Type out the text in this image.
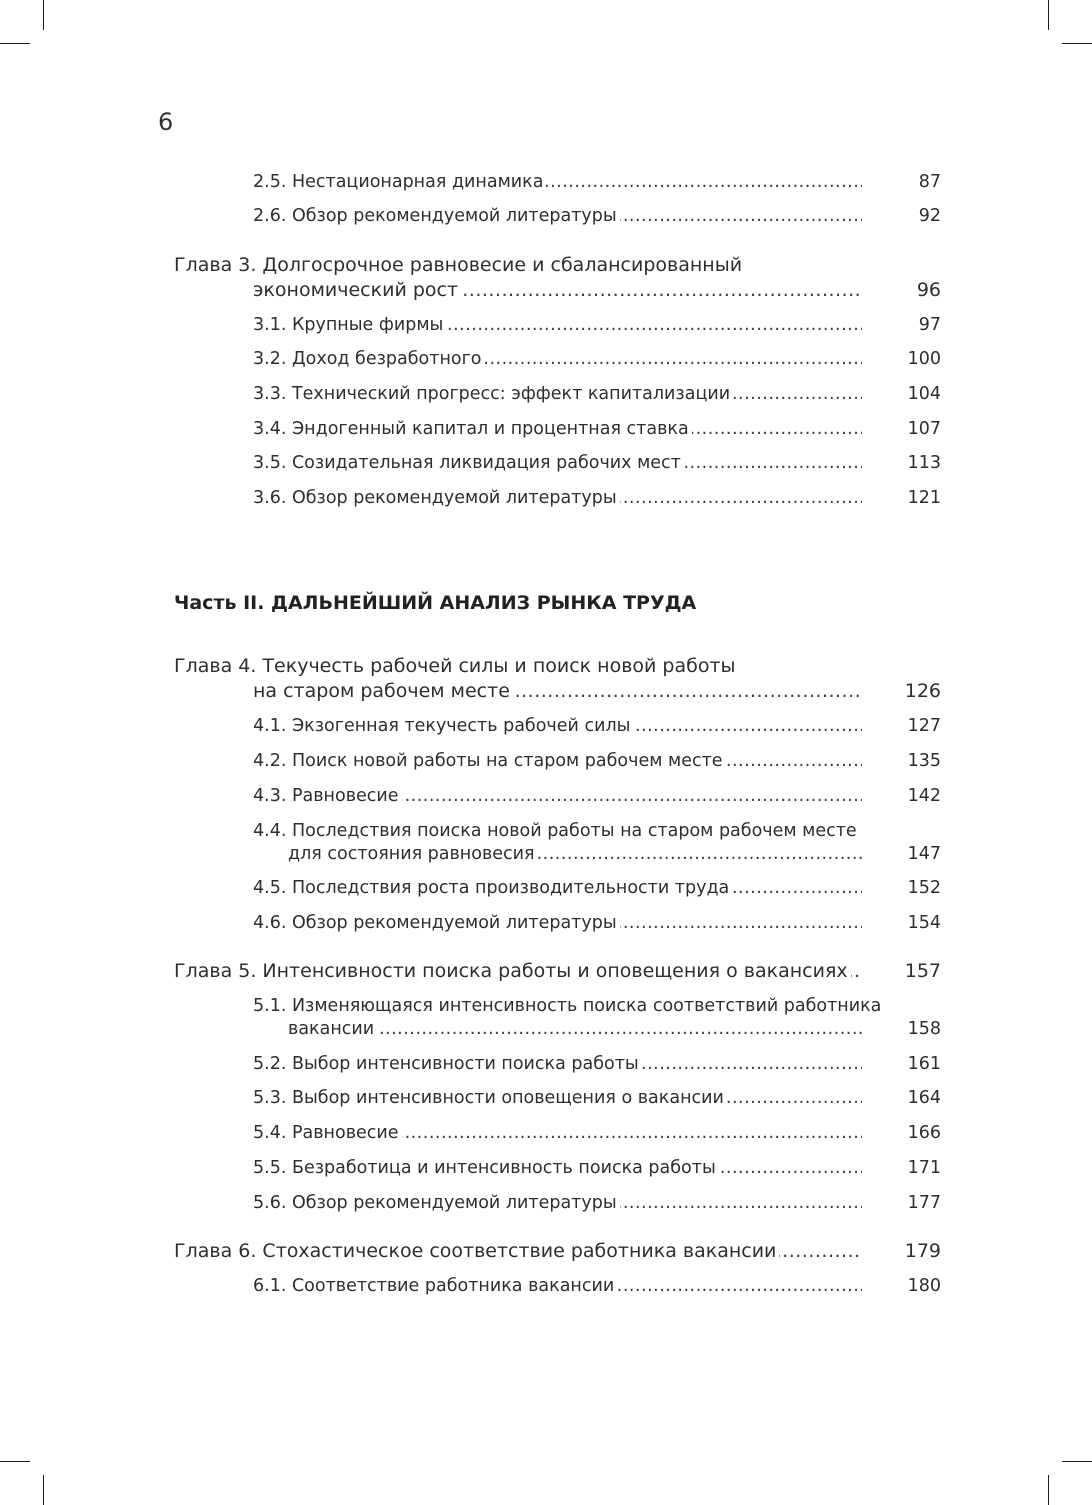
6
Часть II. ДАЛЬНЕЙШИЙ АНАЛИЗ РЫНКА ТРУДА
2.5. Нестационарная динамика .....	87
2.6. Обзор рекомендуемой литературы .....	92
Глава 3. Долгосрочное равновесие и сбалансированный
экономический рост .....	96
3.1. Крупные фирмы .....	97
3.2. Доход безработного .....	100
3.3. Технический прогресс: эффект капитализации .....	104
3.4. Эндогенный капитал и процентная ставка .....	107
3.5. Созидательная ликвидация рабочих мест .....	113
3.6. Обзор рекомендуемой литературы .....	121
Глава 4. Текучесть рабочей силы и поиск новой работы
на старом рабочем месте .....	126
4.1. Экзогенная текучесть рабочей силы .....	127
4.2. Поиск новой работы на старом рабочем месте .....	135
4.3. Равновесие .....	142
4.4. Последствия поиска новой работы на старом рабочем месте
для состояния равновесия .....	147
4.5. Последствия роста производительности труда .....	152
4.6. Обзор рекомендуемой литературы .....	154
Глава 5. Интенсивности поиска работы и оповещения о вакансиях .....	157
5.1. Изменяющаяся интенсивность поиска соответствий работника
вакансии .....	158
5.2. Выбор интенсивности поиска работы .....	161
5.3. Выбор интенсивности оповещения о вакансии .....	164
5.4. Равновесие .....	166
5.5. Безработица и интенсивность поиска работы .....	171
5.6. Обзор рекомендуемой литературы .....	177
Глава 6. Стохастическое соответствие работника вакансии .....	179
6.1. Соответствие работника вакансии .....	180
